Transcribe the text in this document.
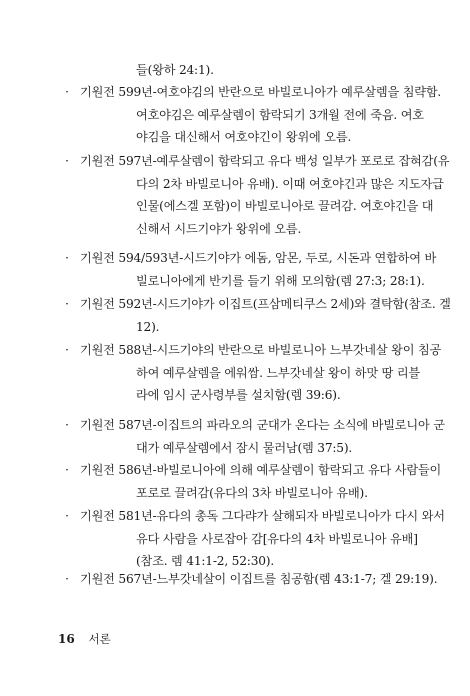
들(왕하 24:1).
· 기원전 599년-여호야김의 반란으로 바빌로니아가 예루살렘을 침략함.
여호야김은 예루살렘이 함락되기 3개월 전에 죽음. 여호
야김을 대신해서 여호야긴이 왕위에 오름.
· 기원전 597년-예루살렘이 함락되고 유다 백성 일부가 포로로 잡혀감(유
다의 2차 바빌로니아 유배). 이때 여호야긴과 많은 지도자급
인물(에스겔 포함)이 바빌로니아로 끌려감. 여호야긴을 대
신해서 시드기야가 왕위에 오름.
· 기원전 594/593년-시드기야가 에돔, 암몬, 두로, 시돈과 연합하여 바
빌로니아에게 반기를 들기 위해 모의함(렘 27:3; 28:1).
· 기원전 592년-시드기야가 이집트(프삼메티쿠스 2세)와 결탁함(참조. 겔
12).
· 기원전 588년-시드기야의 반란으로 바빌로니아 느부갓네살 왕이 침공
하여 예루살렘을 에워쌈. 느부갓네살 왕이 하맛 땅 리블
라에 임시 군사령부를 설치함(렘 39:6).
· 기원전 587년-이집트의 파라오의 군대가 온다는 소식에 바빌로니아 군
대가 예루살렘에서 잠시 물러남(렘 37:5).
· 기원전 586년-바빌로니아에 의해 예루살렘이 함락되고 유다 사람들이
포로로 끌려감(유다의 3차 바빌로니아 유배).
· 기원전 581년-유다의 총독 그다랴가 살해되자 바빌로니아가 다시 와서
유다 사람을 사로잡아 감[유다의 4차 바빌로니아 유배]
(참조. 렘 41:1-2, 52:30).
· 기원전 567년-느부갓네살이 이집트를 침공함(렘 43:1-7; 겔 29:19).
16 서론
